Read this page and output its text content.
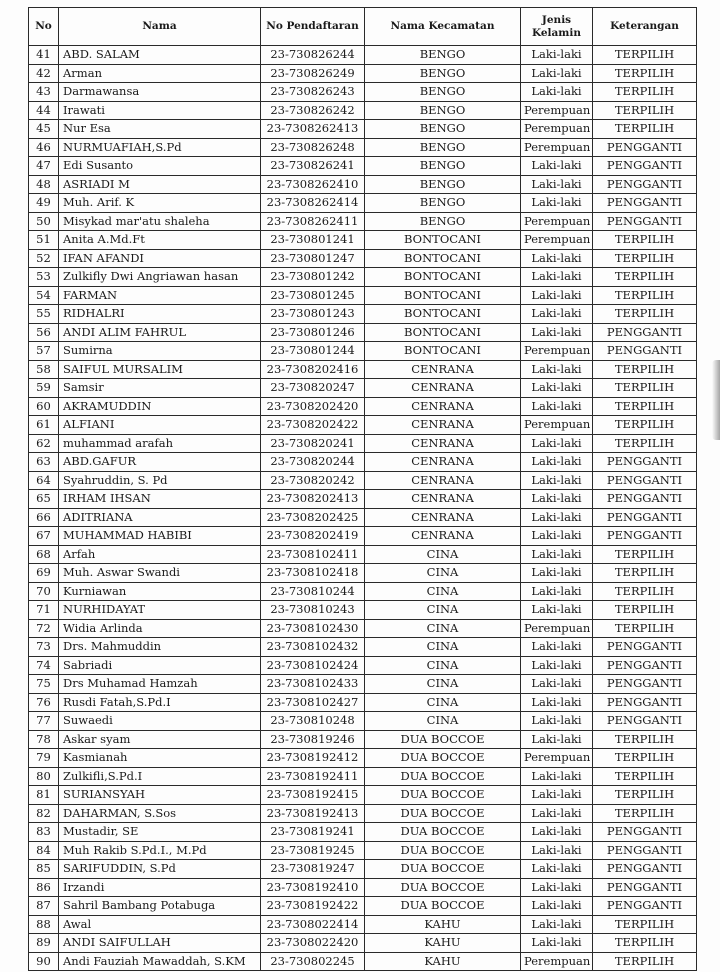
No	Nama	No Pendaftaran	Nama Kecamatan	Jenis Kelamin	Keterangan
41	ABD. SALAM	23-730826244	BENGO	Laki-laki	TERPILIH
42	Arman	23-730826249	BENGO	Laki-laki	TERPILIH
43	Darmawansa	23-730826243	BENGO	Laki-laki	TERPILIH
44	Irawati	23-730826242	BENGO	Perempuan	TERPILIH
45	Nur Esa	23-7308262413	BENGO	Perempuan	TERPILIH
46	NURMUAFIAH,S.Pd	23-730826248	BENGO	Perempuan	PENGGANTI
47	Edi Susanto	23-730826241	BENGO	Laki-laki	PENGGANTI
48	ASRIADI M	23-7308262410	BENGO	Laki-laki	PENGGANTI
49	Muh. Arif. K	23-7308262414	BENGO	Laki-laki	PENGGANTI
50	Misykad mar'atu shaleha	23-7308262411	BENGO	Perempuan	PENGGANTI
51	Anita A.Md.Ft	23-730801241	BONTOCANI	Perempuan	TERPILIH
52	IFAN AFANDI	23-730801247	BONTOCANI	Laki-laki	TERPILIH
53	Zulkifly Dwi Angriawan hasan	23-730801242	BONTOCANI	Laki-laki	TERPILIH
54	FARMAN	23-730801245	BONTOCANI	Laki-laki	TERPILIH
55	RIDHALRI	23-730801243	BONTOCANI	Laki-laki	TERPILIH
56	ANDI ALIM FAHRUL	23-730801246	BONTOCANI	Laki-laki	PENGGANTI
57	Sumirna	23-730801244	BONTOCANI	Perempuan	PENGGANTI
58	SAIFUL MURSALIM	23-7308202416	CENRANA	Laki-laki	TERPILIH
59	Samsir	23-730820247	CENRANA	Laki-laki	TERPILIH
60	AKRAMUDDIN	23-7308202420	CENRANA	Laki-laki	TERPILIH
61	ALFIANI	23-7308202422	CENRANA	Perempuan	TERPILIH
62	muhammad arafah	23-730820241	CENRANA	Laki-laki	TERPILIH
63	ABD.GAFUR	23-730820244	CENRANA	Laki-laki	PENGGANTI
64	Syahruddin, S. Pd	23-730820242	CENRANA	Laki-laki	PENGGANTI
65	IRHAM IHSAN	23-7308202413	CENRANA	Laki-laki	PENGGANTI
66	ADITRIANA	23-7308202425	CENRANA	Laki-laki	PENGGANTI
67	MUHAMMAD HABIBI	23-7308202419	CENRANA	Laki-laki	PENGGANTI
68	Arfah	23-7308102411	CINA	Laki-laki	TERPILIH
69	Muh. Aswar Swandi	23-7308102418	CINA	Laki-laki	TERPILIH
70	Kurniawan	23-730810244	CINA	Laki-laki	TERPILIH
71	NURHIDAYAT	23-730810243	CINA	Laki-laki	TERPILIH
72	Widia Arlinda	23-7308102430	CINA	Perempuan	TERPILIH
73	Drs. Mahmuddin	23-7308102432	CINA	Laki-laki	PENGGANTI
74	Sabriadi	23-7308102424	CINA	Laki-laki	PENGGANTI
75	Drs Muhamad Hamzah	23-7308102433	CINA	Laki-laki	PENGGANTI
76	Rusdi Fatah,S.Pd.I	23-7308102427	CINA	Laki-laki	PENGGANTI
77	Suwaedi	23-730810248	CINA	Laki-laki	PENGGANTI
78	Askar syam	23-730819246	DUA BOCCOE	Laki-laki	TERPILIH
79	Kasmianah	23-7308192412	DUA BOCCOE	Perempuan	TERPILIH
80	Zulkifli,S.Pd.I	23-7308192411	DUA BOCCOE	Laki-laki	TERPILIH
81	SURIANSYAH	23-7308192415	DUA BOCCOE	Laki-laki	TERPILIH
82	DAHARMAN, S.Sos	23-7308192413	DUA BOCCOE	Laki-laki	TERPILIH
83	Mustadir, SE	23-730819241	DUA BOCCOE	Laki-laki	PENGGANTI
84	Muh Rakib S.Pd.I., M.Pd	23-730819245	DUA BOCCOE	Laki-laki	PENGGANTI
85	SARIFUDDIN, S.Pd	23-730819247	DUA BOCCOE	Laki-laki	PENGGANTI
86	Irzandi	23-7308192410	DUA BOCCOE	Laki-laki	PENGGANTI
87	Sahril Bambang Potabuga	23-7308192422	DUA BOCCOE	Laki-laki	PENGGANTI
88	Awal	23-7308022414	KAHU	Laki-laki	TERPILIH
89	ANDI SAIFULLAH	23-7308022420	KAHU	Laki-laki	TERPILIH
90	Andi Fauziah Mawaddah, S.KM	23-730802245	KAHU	Perempuan	TERPILIH
